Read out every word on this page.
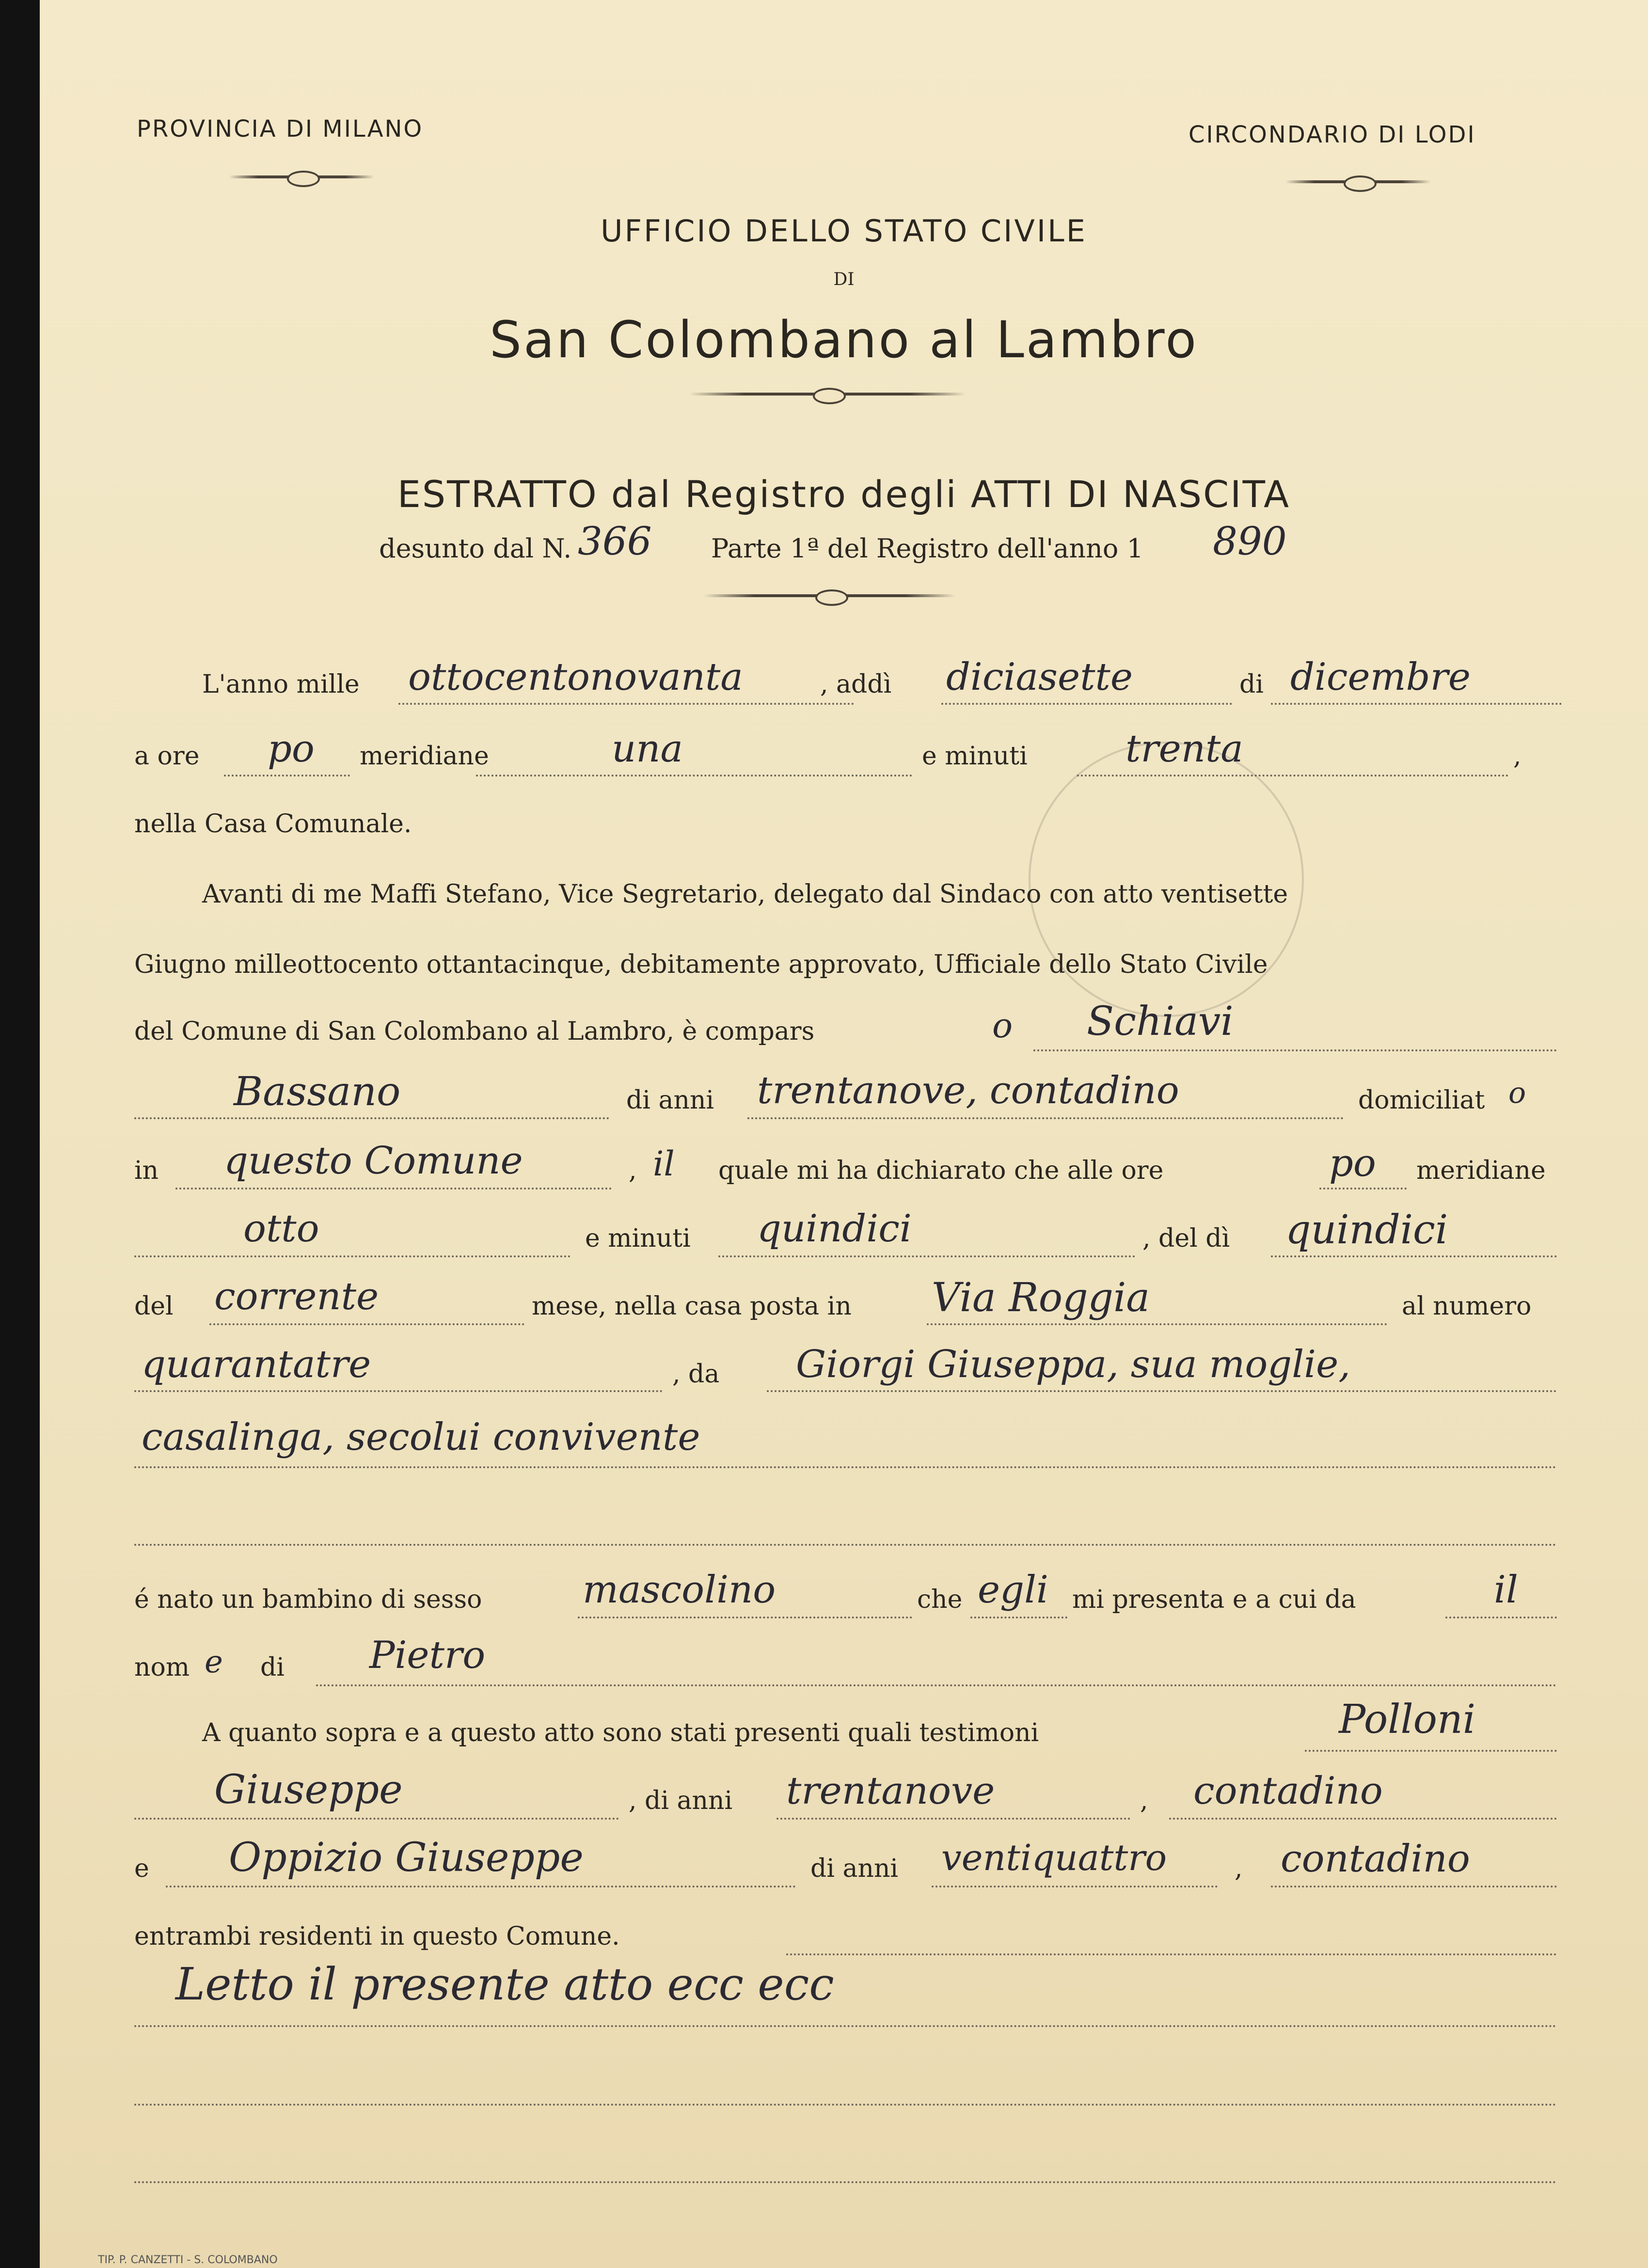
PROVINCIA DI MILANO	CIRCONDARIO DI LODI
UFFICIO DELLO STATO CIVILE
DI
San Colombano al Lambro
ESTRATTO dal Registro degli ATTI DI NASCITA
desunto dal N. 366 Parte 1ª del Registro dell'anno 1 890
L'anno mille ottocentonovanta	, addì diciasette	di dicembre
a ore po meridiane	una	e minuti	trenta	,
nella Casa Comunale.
Avanti di me Maffi Stefano, Vice Segretario, delegato dal Sindaco con atto ventisette
Giugno milleottocento ottantacinque, debitamente approvato, Ufficiale dello Stato Civile
del Comune di San Colombano al Lambro, è compars	o Schiavi
Bassano	di anni trentanove, contadino	domiciliat o
in questo Comune	, il quale mi ha dichiarato che alle ore	po meridiane
otto	e minuti quindici	, del dì quindici
del corrente	mese, nella casa posta in Via Roggia	al numero
quarantatre	, da Giorgi Giuseppa, sua moglie,
casalinga, secolui convivente
é nato un bambino di sesso	mascolino	che egli mi presenta e a cui da	il
nom e di Pietro
A quanto sopra e a questo atto sono stati presenti quali testimoni	Polloni
Giuseppe	, di anni trentanove	, contadino
e Oppizio Giuseppe	di anni ventiquattro	, contadino
entrambi residenti in questo Comune.
Letto il presente atto ecc ecc
TIP. P. CANZETTI - S. COLOMBANO
